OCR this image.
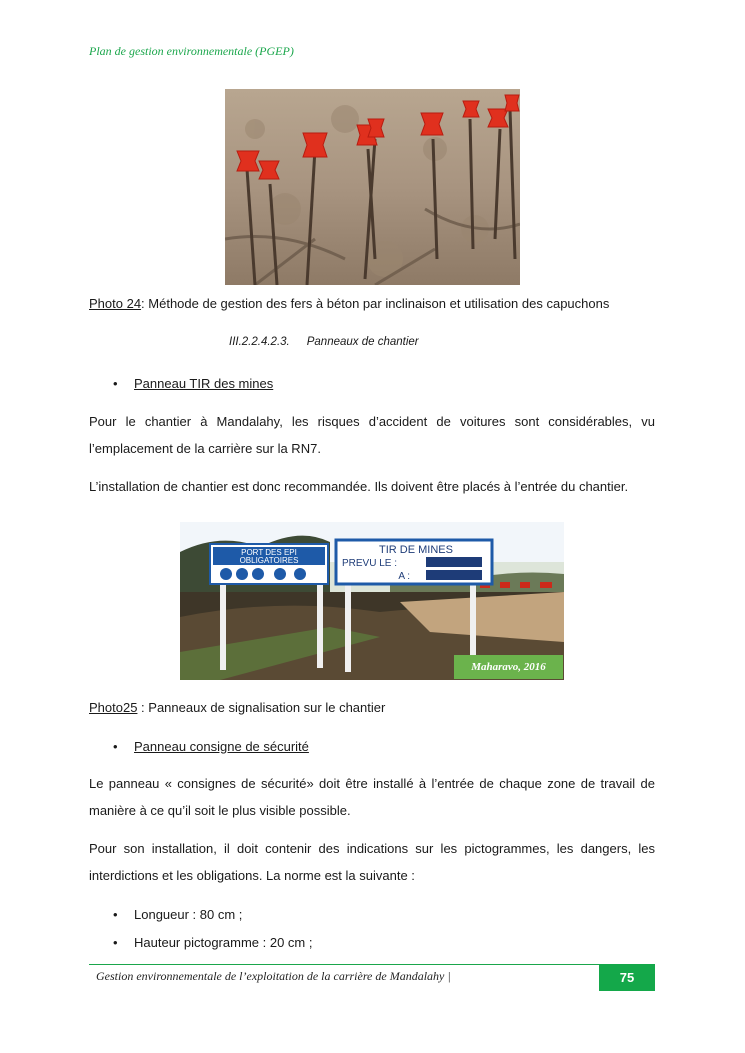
Plan de gestion environnementale (PGEP)
Photo 24: Méthode de gestion des fers à béton par inclinaison et utilisation des capuchons
III.2.2.4.2.3. Panneaux de chantier
• Panneau TIR des mines
Pour le chantier à Mandalahy, les risques d’accident de voitures sont considérables, vu l’emplacement de la carrière sur la RN7.
L’installation de chantier est donc recommandée. Ils doivent être placés à l’entrée du chantier.
PORT DES EPI
OBLIGATOIRES
TIR DE MINES
PREVU LE :
A :
Maharavo, 2016
Photo25 : Panneaux de signalisation sur le chantier
• Panneau consigne de sécurité
Le panneau « consignes de sécurité» doit être installé à l’entrée de chaque zone de travail de manière à ce qu’il soit le plus visible possible.
Pour son installation, il doit contenir des indications sur les pictogrammes, les dangers, les interdictions et les obligations. La norme est la suivante :
• Longueur : 80 cm ;
• Hauteur pictogramme : 20 cm ;
Gestion environnementale de l’exploitation de la carrière de Mandalahy |	75
